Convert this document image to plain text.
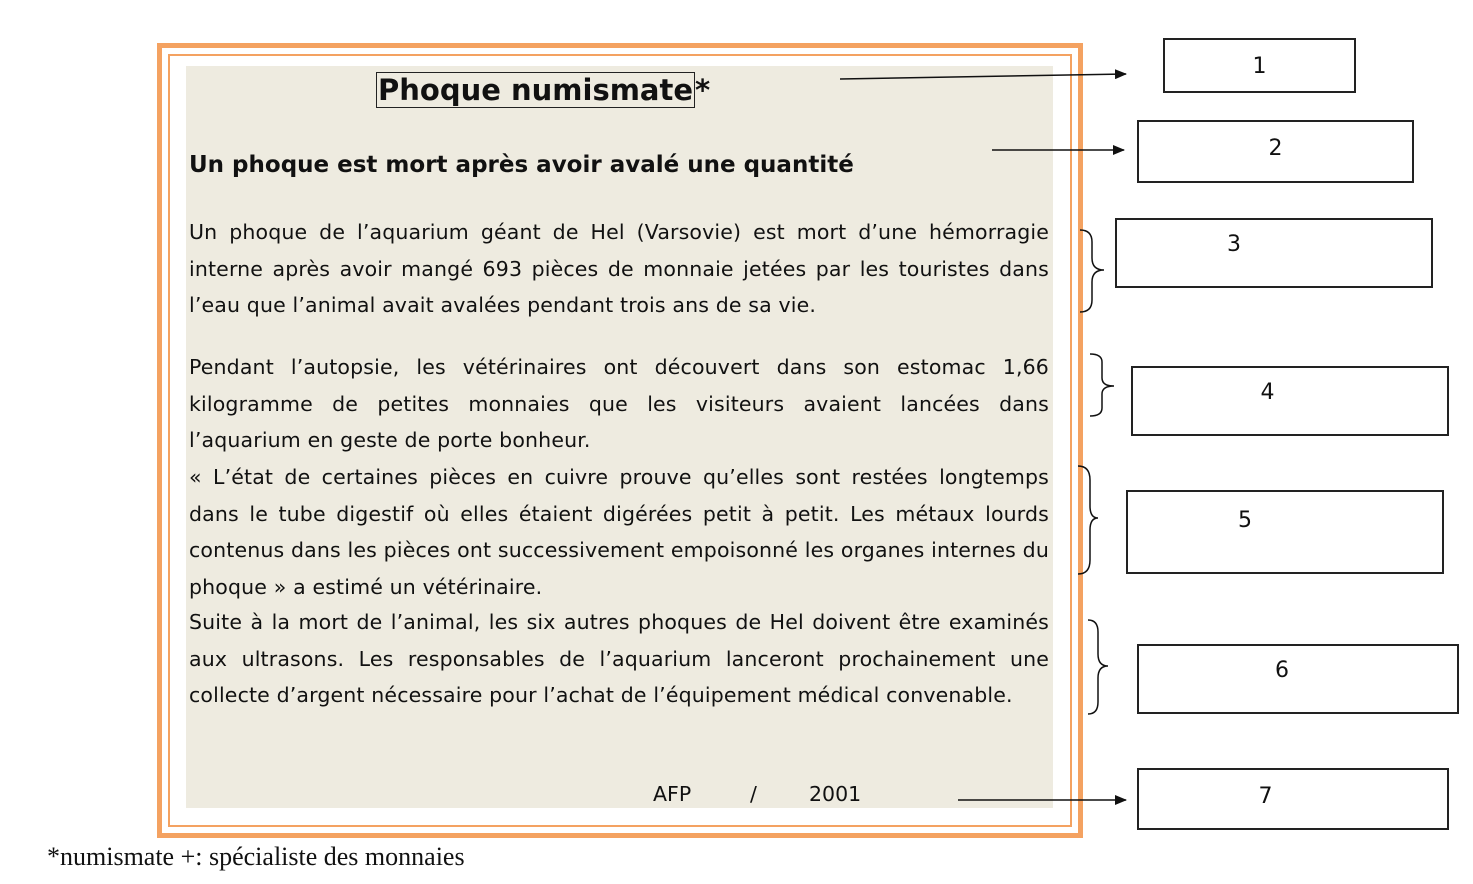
Phoque numismate*
Un phoque est mort après avoir avalé une quantité
Un phoque de l’aquarium géant de Hel (Varsovie) est mort d’une hémorragie interne après avoir mangé 693 pièces de monnaie jetées par les touristes dans l’eau que l’animal avait avalées pendant trois ans de sa vie.
Pendant l’autopsie, les vétérinaires ont découvert dans son estomac 1,66 kilogramme de petites monnaies que les visiteurs avaient lancées dans l’aquarium en geste de porte bonheur.
« L’état de certaines pièces en cuivre prouve qu’elles sont restées longtemps dans le tube digestif où elles étaient digérées petit à petit. Les métaux lourds contenus dans les pièces ont successivement empoisonné les organes internes du phoque » a estimé un vétérinaire.
Suite à la mort de l’animal, les six autres phoques de Hel doivent être examinés aux ultrasons. Les responsables de l’aquarium lanceront prochainement une collecte d’argent nécessaire pour l’achat de l’équipement médical convenable.
AFP	/	2001
1
2
3
4
5
6
7
*numismate +: spécialiste des monnaies
